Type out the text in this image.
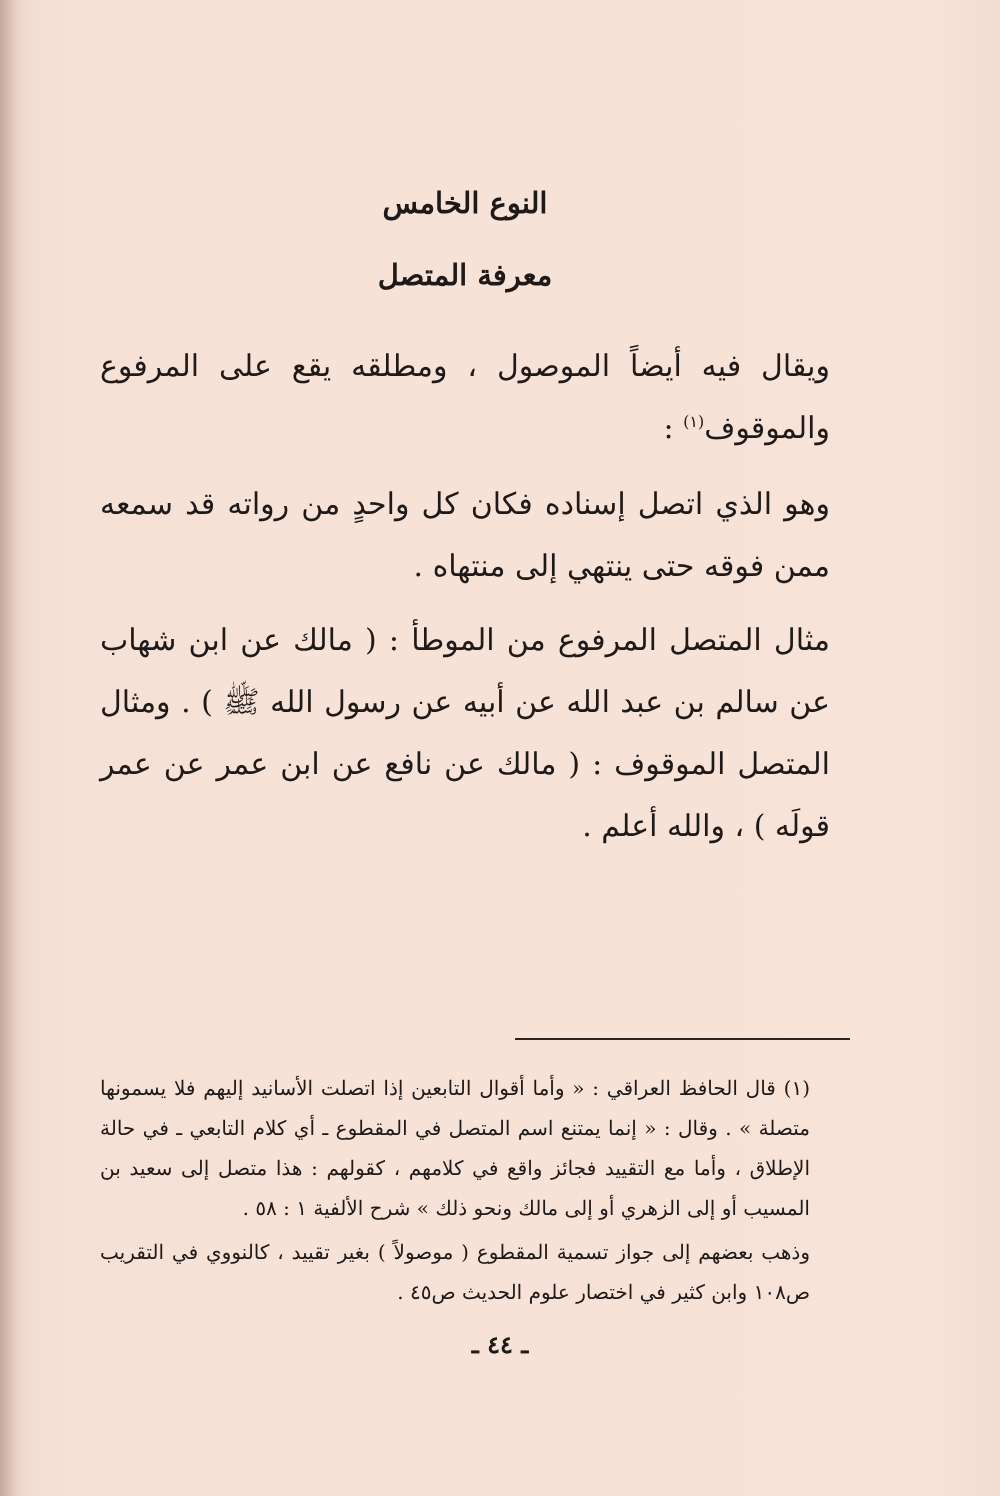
النوع الخامس
معرفة المتصل
ويقال فيه أيضاً الموصول ، ومطلقه يقع على المرفوع والموقوف$^{(١)}$ :
وهو الذي اتصل إسناده فكان كل واحدٍ من رواته قد سمعه ممن فوقه حتى ينتهي إلى منتهاه .
مثال المتصل المرفوع من الموطأ : ( مالك عن ابن شهاب عن سالم بن عبد الله عن أبيه عن رسول الله ﷺ ) . ومثال المتصل الموقوف : ( مالك عن نافع عن ابن عمر عن عمر قولَه ) ، والله أعلم .

(١) قال الحافظ العراقي : « وأما أقوال التابعين إذا اتصلت الأسانيد إليهم فلا يسمونها متصلة » . وقال : « إنما يمتنع اسم المتصل في المقطوع ـ أي كلام التابعي ـ في حالة الإطلاق ، وأما مع التقييد فجائز واقع في كلامهم ، كقولهم : هذا متصل إلى سعيد بن المسيب أو إلى الزهري أو إلى مالك ونحو ذلك » شرح الألفية ١ : ٥٨ .

وذهب بعضهم إلى جواز تسمية المقطوع ( موصولاً ) بغير تقييد ، كالنووي في التقريب ص١٠٨ وابن كثير في اختصار علوم الحديث ص٤٥ .

ـ ٤٤ ـ
